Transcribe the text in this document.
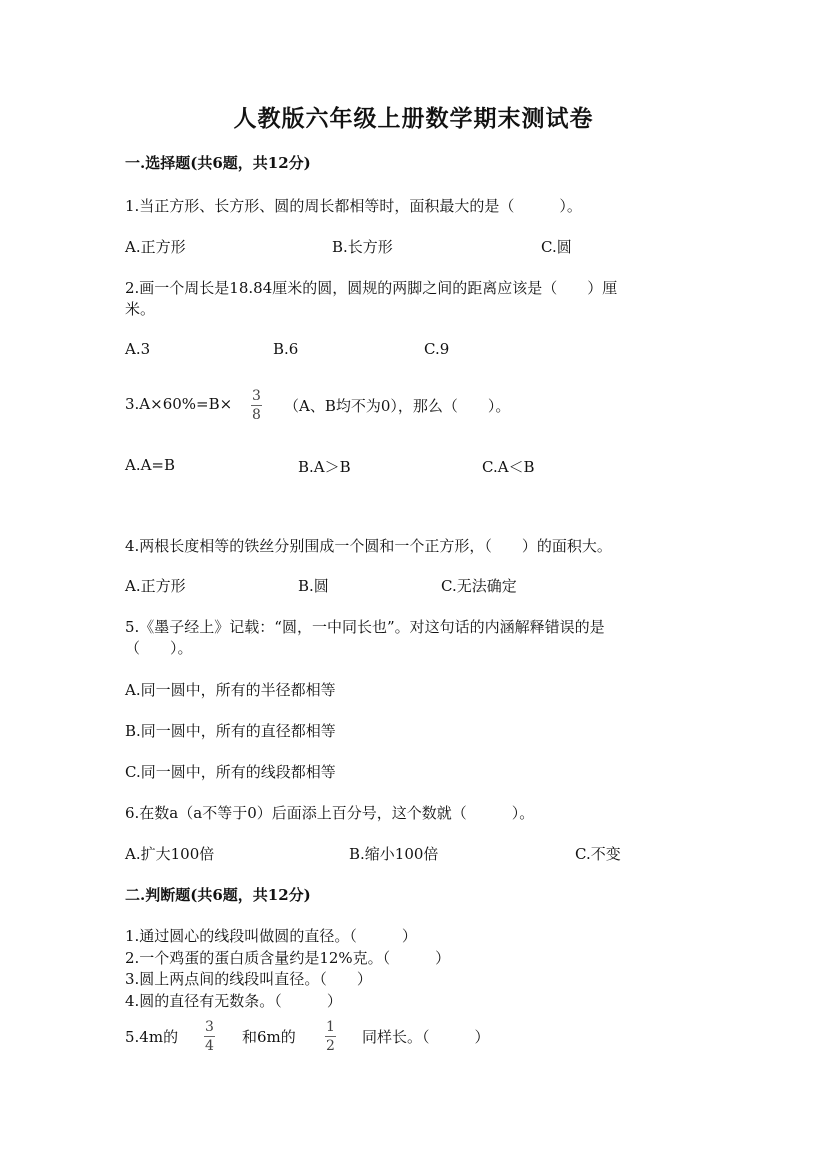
人教版六年级上册数学期末测试卷
一.选择题(共6题，共12分)
1.当正方形、长方形、圆的周长都相等时，面积最大的是（　　　）。
A.正方形	B.长方形	C.圆
2.画一个周长是18.84厘米的圆，圆规的两脚之间的距离应该是（　　）厘
米。
A.3	B.6	C.9
$3.A\times 60\%=B\times \frac{3}{8} (A$、B均不为0），那么（　　）。
A.A=B	B.A＞B	C.A＜B
4.两根长度相等的铁丝分别围成一个圆和一个正方形，（　　）的面积大。
A.正方形	B.圆	C.无法确定
5.《墨子经上》记载：“圆，一中同长也”。对这句话的内涵解释错误的是
（　　）。
A.同一圆中，所有的半径都相等
B.同一圆中，所有的直径都相等
C.同一圆中，所有的线段都相等
6.在数a（a不等于0）后面添上百分号，这个数就（　　　）。
A.扩大100倍	B.缩小100倍	C.不变
二.判断题(共6题，共12分)
1.通过圆心的线段叫做圆的直径。（　　　）
2.一个鸡蛋的蛋白质含量约是12%克。（　　　）
3.圆上两点间的线段叫直径。（　　）
4.圆的直径有无数条。（　　　）
5.4m的 $\frac{3}{4}$ 和6m的 $\frac{1}{2}$ 同样长。（　　　）
